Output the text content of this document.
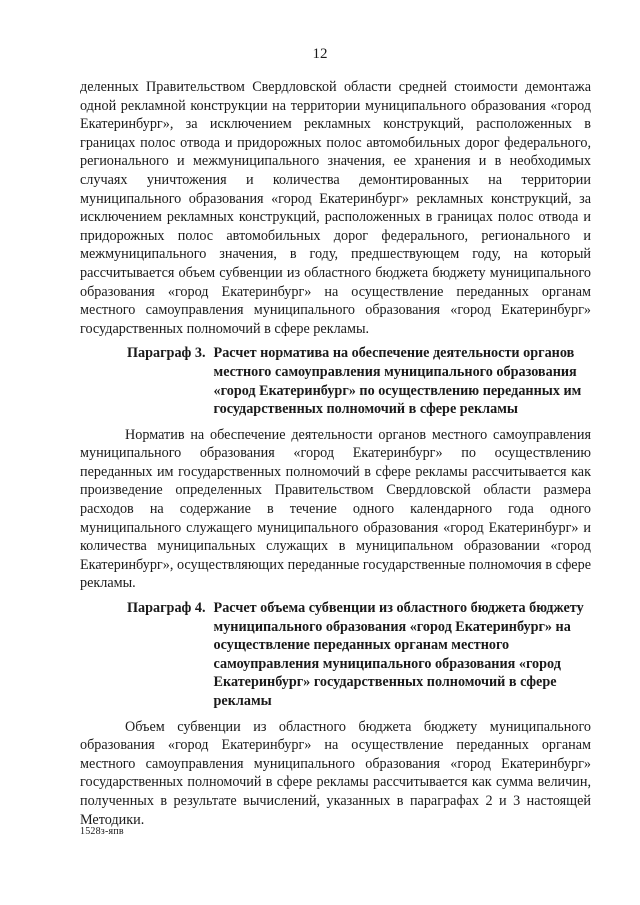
12

деленных Правительством Свердловской области средней стоимости демонтажа одной рекламной конструкции на территории муниципального образования «город Екатеринбург», за исключением рекламных конструкций, расположенных в границах полос отвода и придорожных полос автомобильных дорог федерального, регионального и межмуниципального значения, ее хранения и в необходимых случаях уничтожения и количества демонтированных на территории муниципального образования «город Екатеринбург» рекламных конструкций, за исключением рекламных конструкций, расположенных в границах полос отвода и придорожных полос автомобильных дорог федерального, регионального и межмуниципального значения, в году, предшествующем году, на который рассчитывается объем субвенции из областного бюджета бюджету муниципального образования «город Екатеринбург» на осуществление переданных органам местного самоуправления муниципального образования «город Екатеринбург» государственных полномочий в сфере рекламы.

Параграф 3. Расчет норматива на обеспечение деятельности органов местного самоуправления муниципального образования «город Екатеринбург» по осуществлению переданных им государственных полномочий в сфере рекламы

Норматив на обеспечение деятельности органов местного самоуправления муниципального образования «город Екатеринбург» по осуществлению переданных им государственных полномочий в сфере рекламы рассчитывается как произведение определенных Правительством Свердловской области размера расходов на содержание в течение одного календарного года одного муниципального служащего муниципального образования «город Екатеринбург» и количества муниципальных служащих в муниципальном образовании «город Екатеринбург», осуществляющих переданные государственные полномочия в сфере рекламы.

Параграф 4. Расчет объема субвенции из областного бюджета бюджету муниципального образования «город Екатеринбург» на осуществление переданных органам местного самоуправления муниципального образования «город Екатеринбург» государственных полномочий в сфере рекламы

Объем субвенции из областного бюджета бюджету муниципального образования «город Екатеринбург» на осуществление переданных органам местного самоуправления муниципального образования «город Екатеринбург» государственных полномочий в сфере рекламы рассчитывается как сумма величин, полученных в результате вычислений, указанных в параграфах 2 и 3 настоящей Методики.

1528з-япв
